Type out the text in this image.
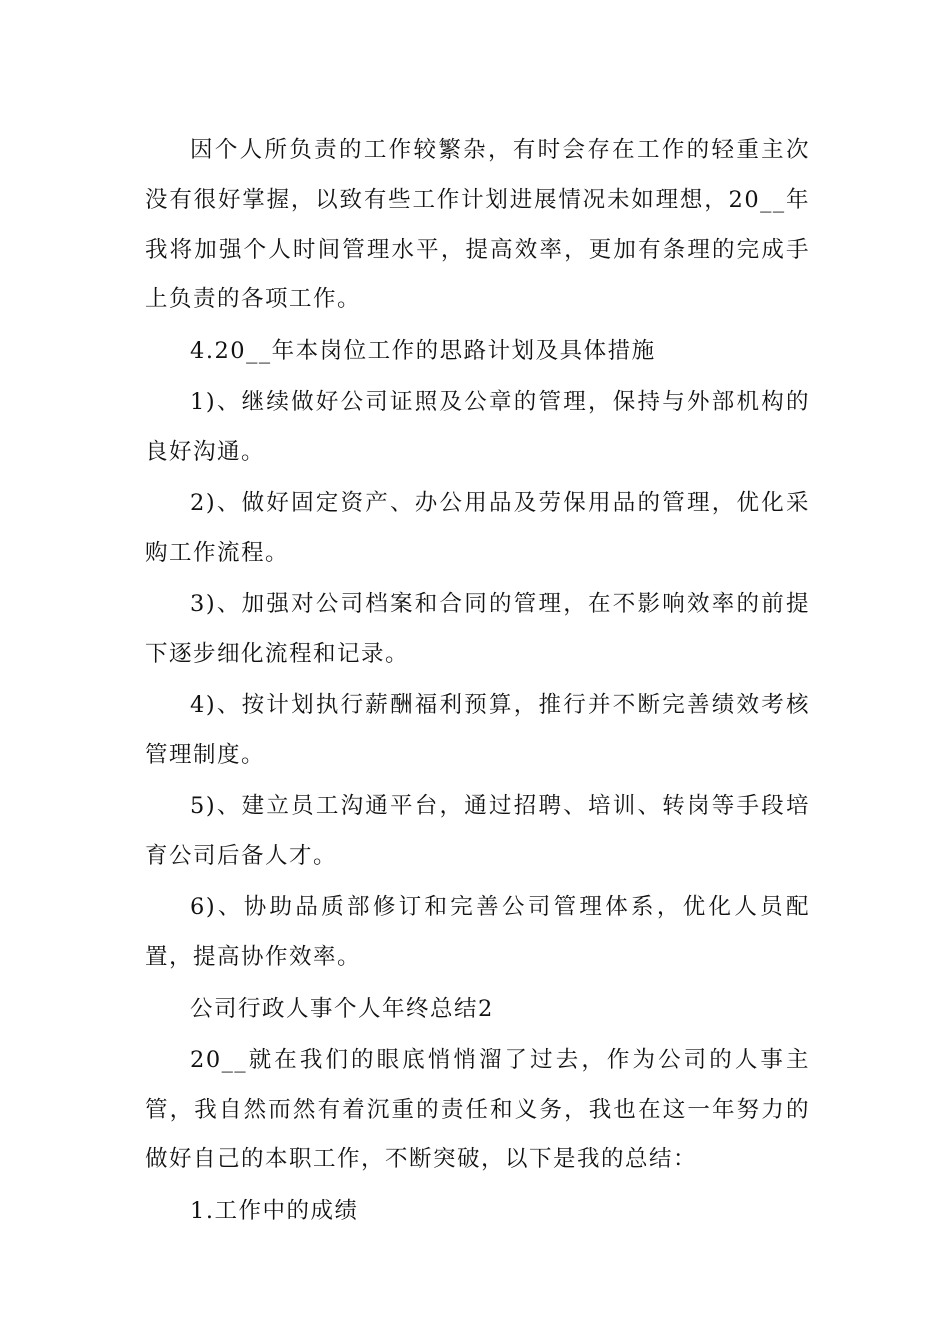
因个人所负责的工作较繁杂，有时会存在工作的轻重主次没有很好掌握，以致有些工作计划进展情况未如理想，20__年我将加强个人时间管理水平，提高效率，更加有条理的完成手上负责的各项工作。

4.20__年本岗位工作的思路计划及具体措施

1)、继续做好公司证照及公章的管理，保持与外部机构的良好沟通。

2)、做好固定资产、办公用品及劳保用品的管理，优化采购工作流程。

3)、加强对公司档案和合同的管理，在不影响效率的前提下逐步细化流程和记录。

4)、按计划执行薪酬福利预算，推行并不断完善绩效考核管理制度。

5)、建立员工沟通平台，通过招聘、培训、转岗等手段培育公司后备人才。

6)、协助品质部修订和完善公司管理体系，优化人员配置，提高协作效率。

公司行政人事个人年终总结2

20__就在我们的眼底悄悄溜了过去，作为公司的人事主管，我自然而然有着沉重的责任和义务，我也在这一年努力的做好自己的本职工作，不断突破，以下是我的总结：

1.工作中的成绩
